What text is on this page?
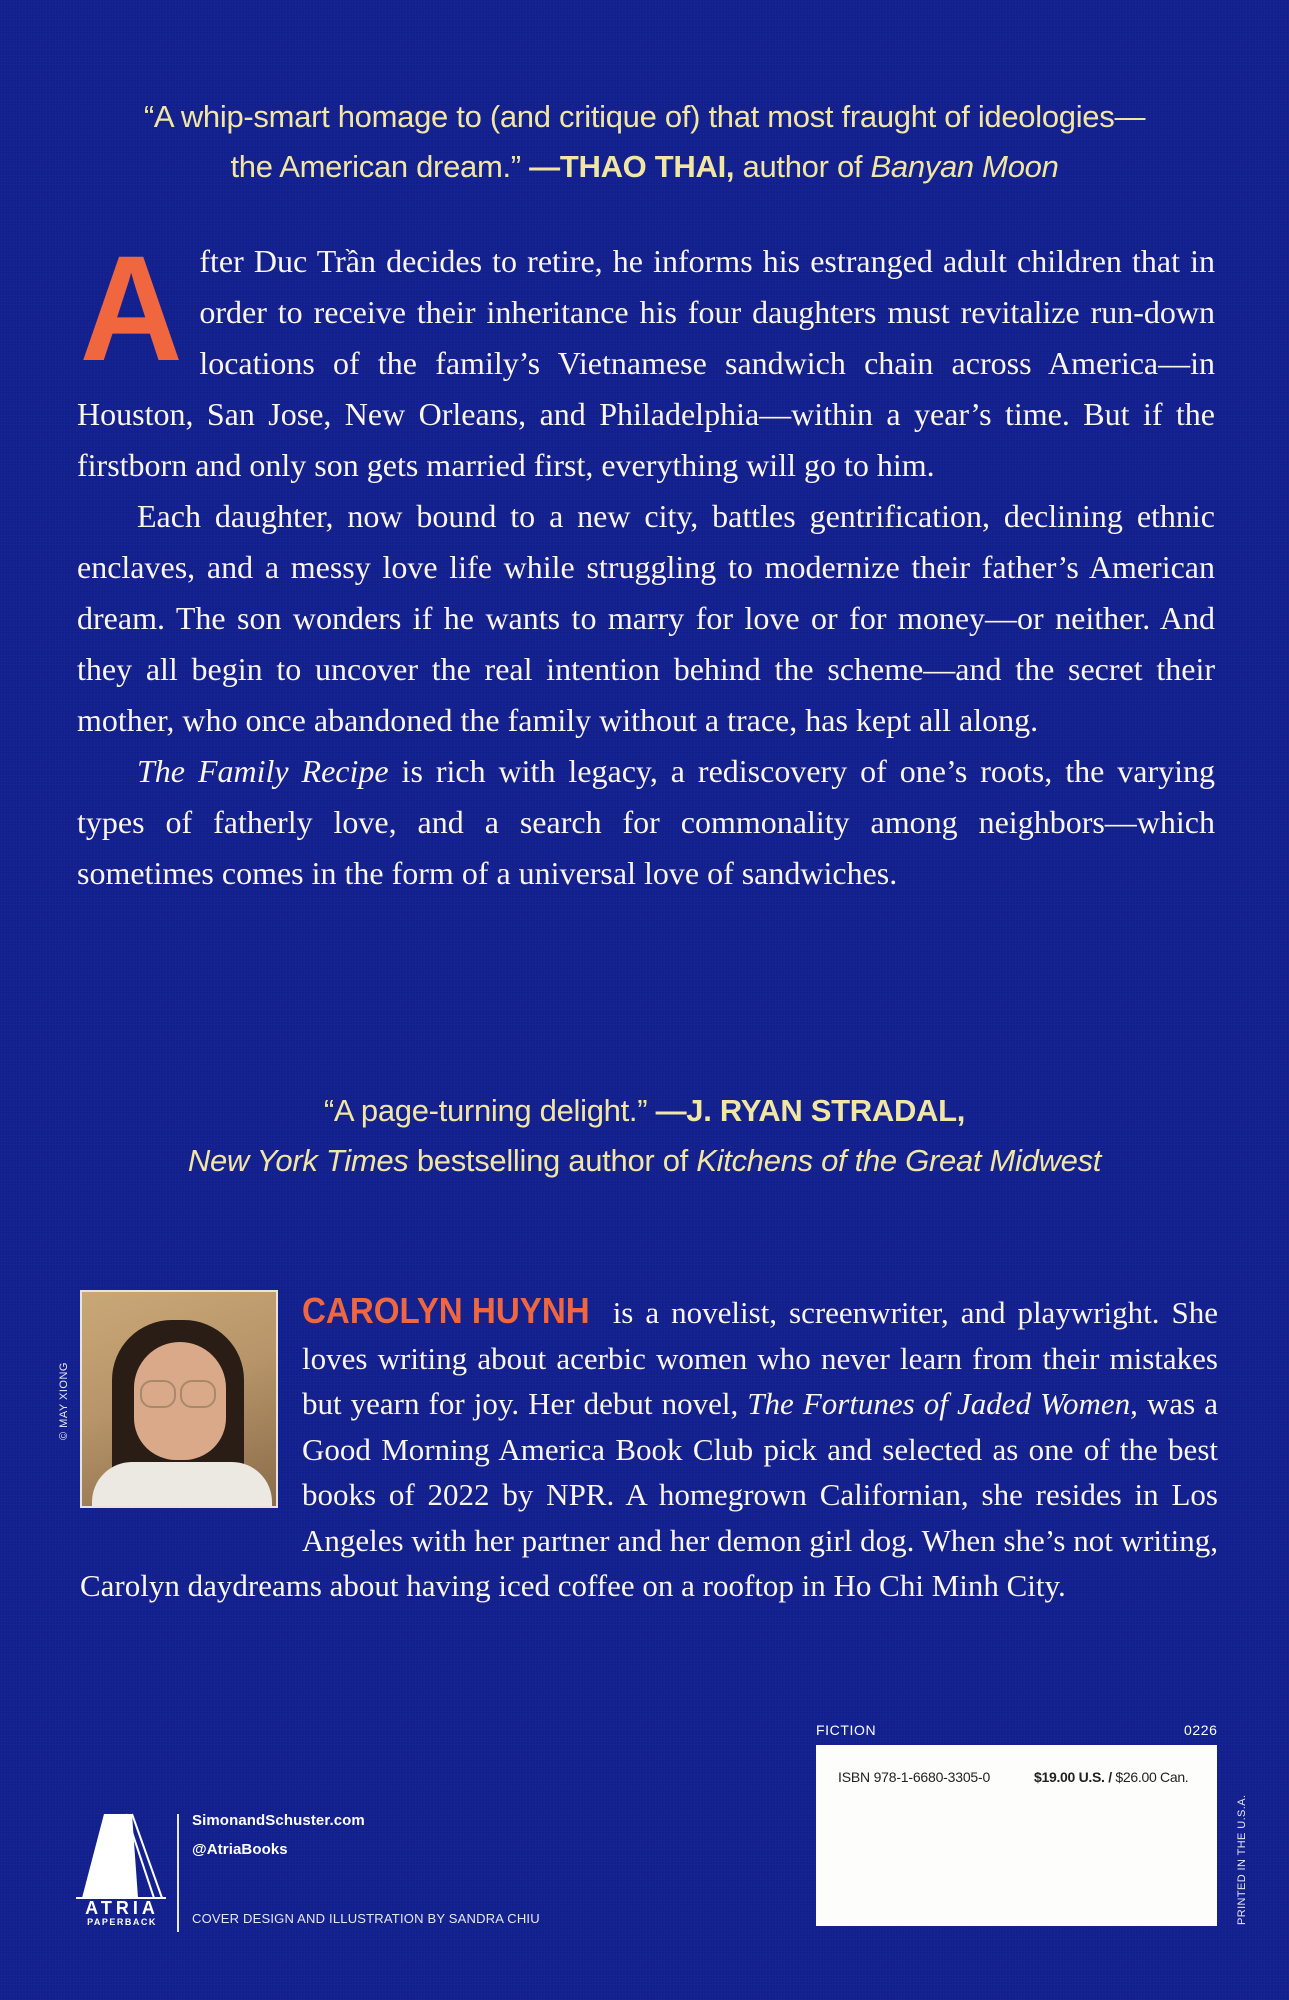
“A whip-smart homage to (and critique of) that most fraught of ideologies—
the American dream.” —THAO THAI, author of Banyan Moon

After Duc Trần decides to retire, he informs his estranged adult children that in order to receive their inheritance his four daughters must revitalize run-down locations of the family’s Vietnamese sandwich chain across America—in Houston, San Jose, New Orleans, and Philadelphia—within a year’s time. But if the firstborn and only son gets married first, everything will go to him.

Each daughter, now bound to a new city, battles gentrification, declining ethnic enclaves, and a messy love life while struggling to modernize their father’s American dream. The son wonders if he wants to marry for love or for money—or neither. And they all begin to uncover the real intention behind the scheme—and the secret their mother, who once abandoned the family without a trace, has kept all along.

The Family Recipe is rich with legacy, a rediscovery of one’s roots, the varying types of fatherly love, and a search for commonality among neighbors—which sometimes comes in the form of a universal love of sandwiches.

“A page-turning delight.” —J. RYAN STRADAL,
New York Times bestselling author of Kitchens of the Great Midwest
© MAY XIONG
CAROLYN HUYNH is a novelist, screenwriter, and playwright. She loves writing about acerbic women who never learn from their mistakes but yearn for joy. Her debut novel, The Fortunes of Jaded Women, was a Good Morning America Book Club pick and selected as one of the best books of 2022 by NPR. A homegrown Californian, she resides in Los Angeles with her partner and her demon girl dog. When she’s not writing, Carolyn daydreams about having iced coffee on a rooftop in Ho Chi Minh City.
ATRIA
PAPERBACK
SimonandSchuster.com
@AtriaBooks
COVER DESIGN AND ILLUSTRATION BY SANDRA CHIU
FICTION	0226
ISBN 978-1-6680-3305-0	$19.00 U.S. / $26.00 Can.
PRINTED IN THE U.S.A.
